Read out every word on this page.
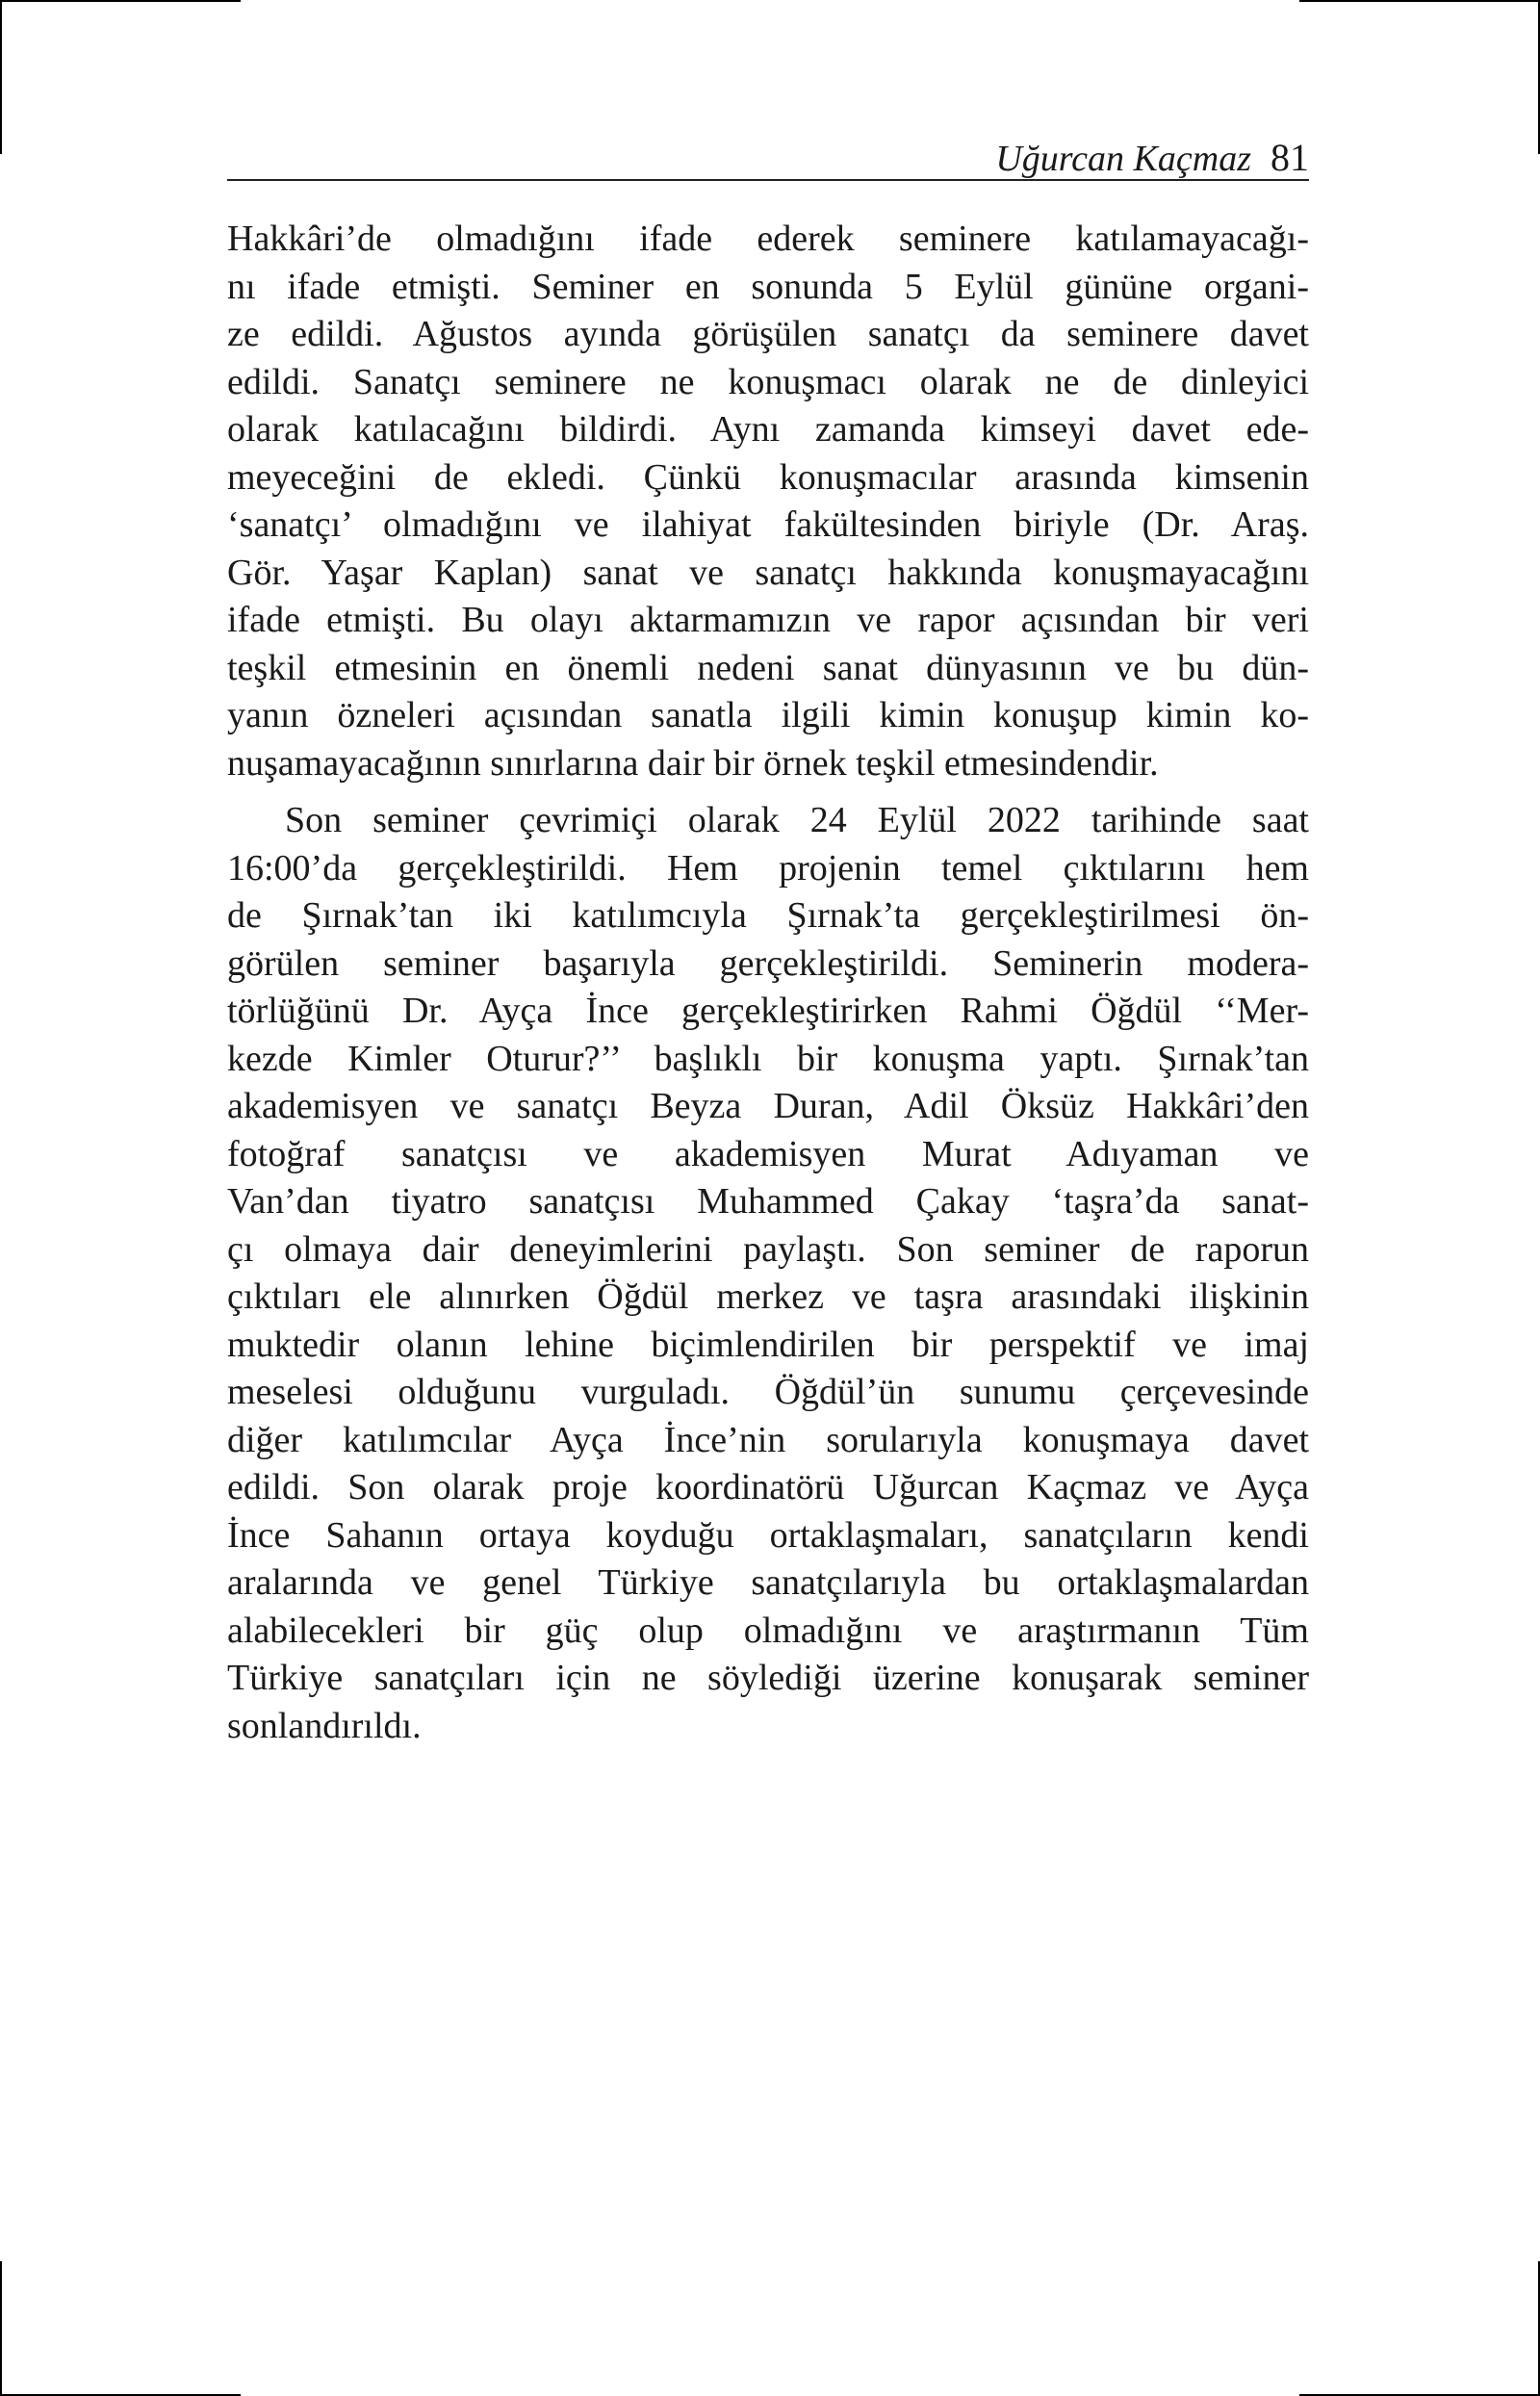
Uğurcan Kaçmaz 81
Hakkâri’de olmadığını ifade ederek seminere katılamayacağı-
nı ifade etmişti. Seminer en sonunda 5 Eylül gününe organi-
ze edildi. Ağustos ayında görüşülen sanatçı da seminere davet
edildi. Sanatçı seminere ne konuşmacı olarak ne de dinleyici
olarak katılacağını bildirdi. Aynı zamanda kimseyi davet ede-
meyeceğini de ekledi. Çünkü konuşmacılar arasında kimsenin
‘sanatçı’ olmadığını ve ilahiyat fakültesinden biriyle (Dr. Araş.
Gör. Yaşar Kaplan) sanat ve sanatçı hakkında konuşmayacağını
ifade etmişti. Bu olayı aktarmamızın ve rapor açısından bir veri
teşkil etmesinin en önemli nedeni sanat dünyasının ve bu dün-
yanın özneleri açısından sanatla ilgili kimin konuşup kimin ko-
nuşamayacağının sınırlarına dair bir örnek teşkil etmesindendir.
Son seminer çevrimiçi olarak 24 Eylül 2022 tarihinde saat
16:00’da gerçekleştirildi. Hem projenin temel çıktılarını hem
de Şırnak’tan iki katılımcıyla Şırnak’ta gerçekleştirilmesi ön-
görülen seminer başarıyla gerçekleştirildi. Seminerin modera-
törlüğünü Dr. Ayça İnce gerçekleştirirken Rahmi Öğdül ‘‘Mer-
kezde Kimler Oturur?’’ başlıklı bir konuşma yaptı. Şırnak’tan
akademisyen ve sanatçı Beyza Duran, Adil Öksüz Hakkâri’den
fotoğraf sanatçısı ve akademisyen Murat Adıyaman ve
Van’dan tiyatro sanatçısı Muhammed Çakay ‘taşra’da sanat-
çı olmaya dair deneyimlerini paylaştı. Son seminer de raporun
çıktıları ele alınırken Öğdül merkez ve taşra arasındaki ilişkinin
muktedir olanın lehine biçimlendirilen bir perspektif ve imaj
meselesi olduğunu vurguladı. Öğdül’ün sunumu çerçevesinde
diğer katılımcılar Ayça İnce’nin sorularıyla konuşmaya davet
edildi. Son olarak proje koordinatörü Uğurcan Kaçmaz ve Ayça
İnce Sahanın ortaya koyduğu ortaklaşmaları, sanatçıların kendi
aralarında ve genel Türkiye sanatçılarıyla bu ortaklaşmalardan
alabilecekleri bir güç olup olmadığını ve araştırmanın Tüm
Türkiye sanatçıları için ne söylediği üzerine konuşarak seminer
sonlandırıldı.
